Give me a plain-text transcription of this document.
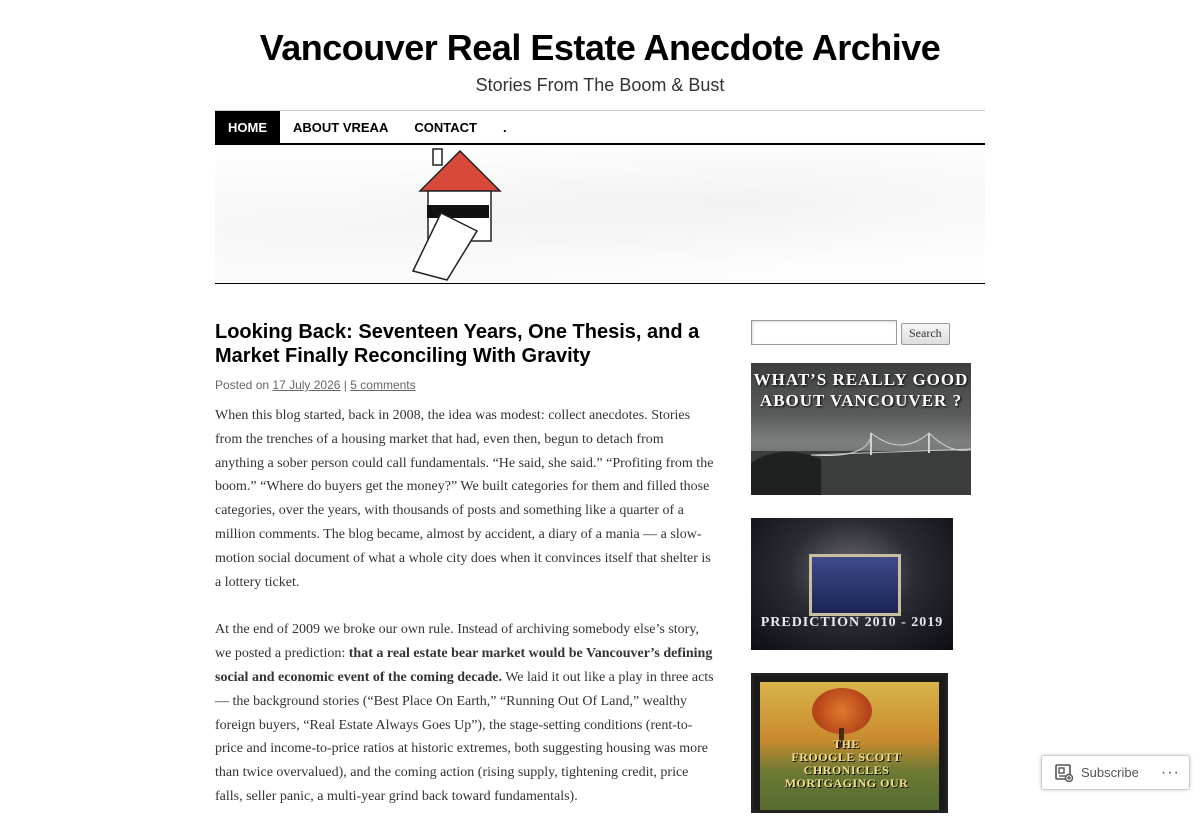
Vancouver Real Estate Anecdote Archive
Stories From The Boom & Bust
HOME	ABOUT VREAA	CONTACT	.
Looking Back: Seventeen Years, One Thesis, and a Market Finally Reconciling With Gravity
Posted on 17 July 2026 | 5 comments

When this blog started, back in 2008, the idea was modest: collect anecdotes. Stories from the trenches of a housing market that had, even then, begun to detach from anything a sober person could call fundamentals. “He said, she said.” “Profiting from the boom.” “Where do buyers get the money?” We built categories for them and filled those categories, over the years, with thousands of posts and something like a quarter of a million comments. The blog became, almost by accident, a diary of a mania — a slow-motion social document of what a whole city does when it convinces itself that shelter is a lottery ticket.

At the end of 2009 we broke our own rule. Instead of archiving somebody else’s story, we posted a prediction: that a real estate bear market would be Vancouver’s defining social and economic event of the coming decade. We laid it out like a play in three acts — the background stories (“Best Place On Earth,” “Running Out Of Land,” wealthy foreign buyers, “Real Estate Always Goes Up”), the stage-setting conditions (rent-to-price and income-to-price ratios at historic extremes, both suggesting housing was more than twice overvalued), and the coming action (rising supply, tightening credit, price falls, seller panic, a multi-year grind back toward fundamentals).

Search
WHAT’S REALLY GOOD ABOUT VANCOUVER ?
PREDICTION 2010 - 2019
THE
FROOGLE SCOTT
CHRONICLES
MORTGAGING OUR
Subscribe ···
